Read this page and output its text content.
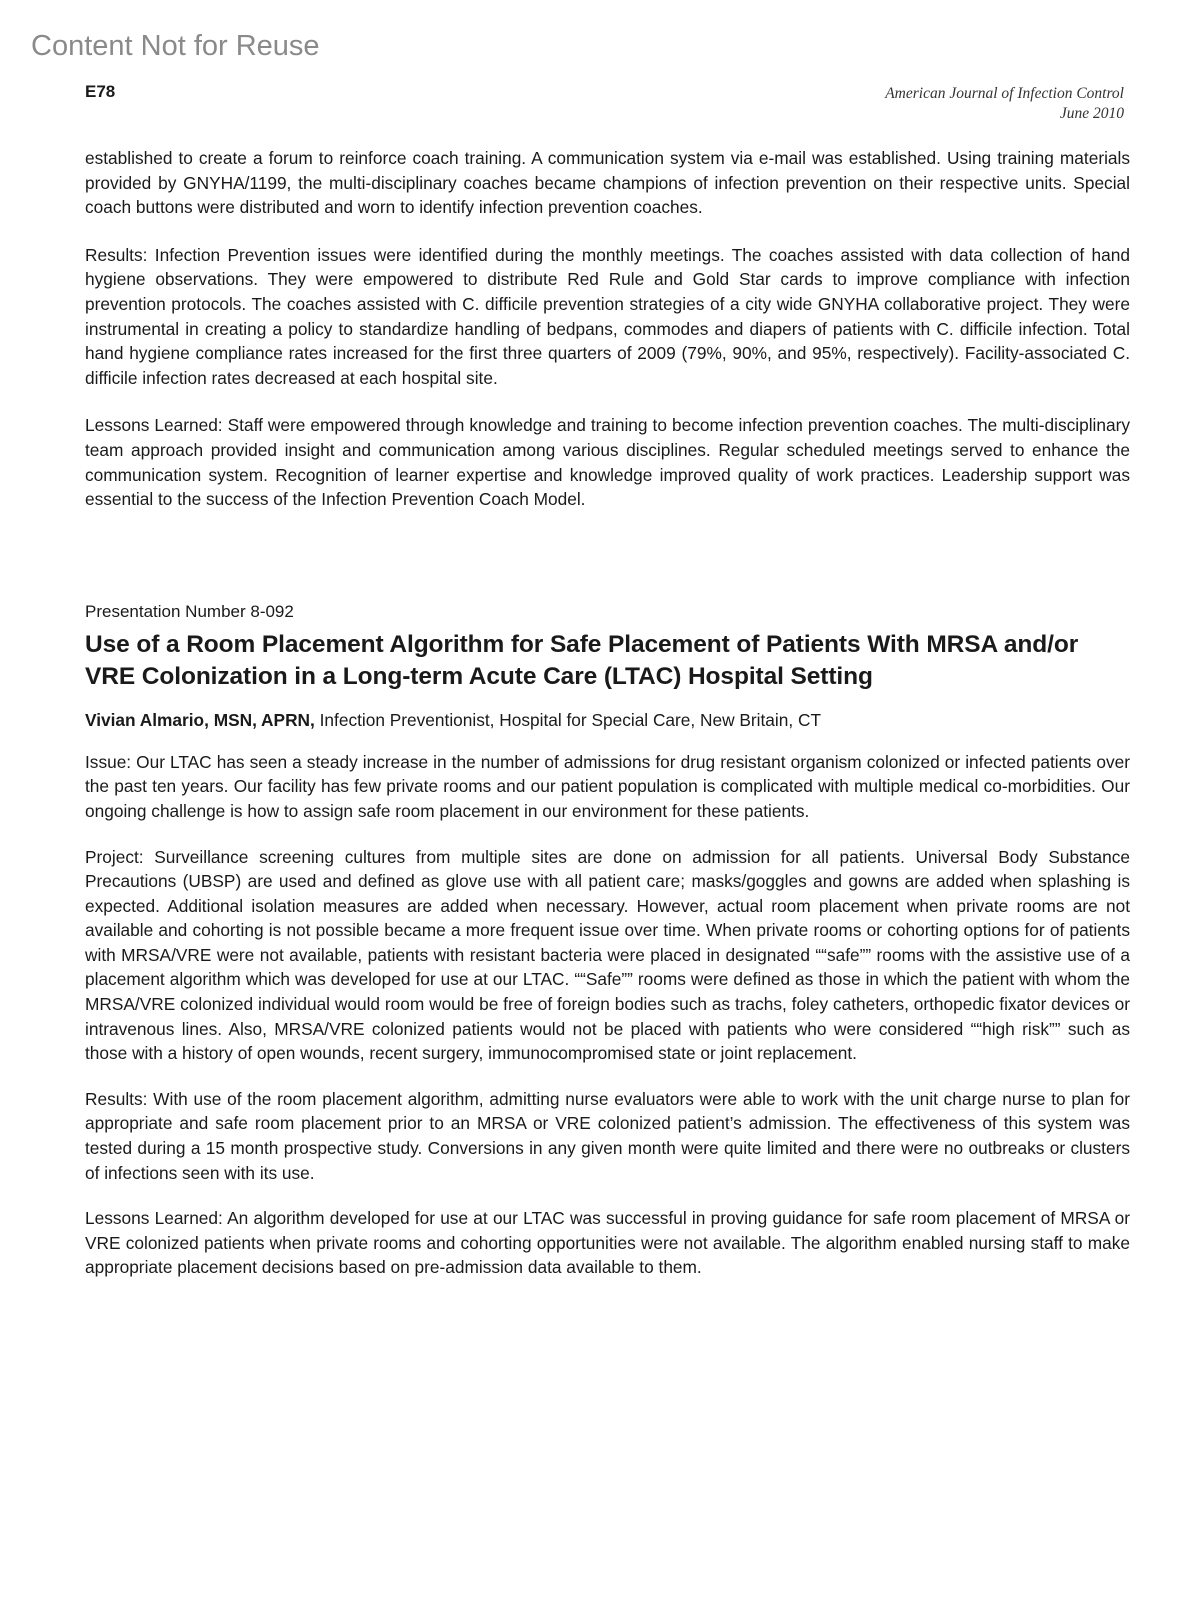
Content Not for Reuse
E78	American Journal of Infection Control
June 2010

established to create a forum to reinforce coach training. A communication system via e-mail was established. Using training materials provided by GNYHA/1199, the multi-disciplinary coaches became champions of infection prevention on their respective units. Special coach buttons were distributed and worn to identify infection prevention coaches.

Results: Infection Prevention issues were identified during the monthly meetings. The coaches assisted with data collection of hand hygiene observations. They were empowered to distribute Red Rule and Gold Star cards to improve compliance with infection prevention protocols. The coaches assisted with C. difficile prevention strategies of a city wide GNYHA collaborative project. They were instrumental in creating a policy to standardize handling of bedpans, commodes and diapers of patients with C. difficile infection. Total hand hygiene compliance rates increased for the first three quarters of 2009 (79%, 90%, and 95%, respectively). Facility-associated C. difficile infection rates decreased at each hospital site.

Lessons Learned: Staff were empowered through knowledge and training to become infection prevention coaches. The multi-disciplinary team approach provided insight and communication among various disciplines. Regular scheduled meetings served to enhance the communication system. Recognition of learner expertise and knowledge improved quality of work practices. Leadership support was essential to the success of the Infection Prevention Coach Model.

Presentation Number 8-092
Use of a Room Placement Algorithm for Safe Placement of Patients With MRSA and/or VRE Colonization in a Long-term Acute Care (LTAC) Hospital Setting
Vivian Almario, MSN, APRN, Infection Preventionist, Hospital for Special Care, New Britain, CT

Issue: Our LTAC has seen a steady increase in the number of admissions for drug resistant organism colonized or infected patients over the past ten years. Our facility has few private rooms and our patient population is complicated with multiple medical co-morbidities. Our ongoing challenge is how to assign safe room placement in our environment for these patients.

Project: Surveillance screening cultures from multiple sites are done on admission for all patients. Universal Body Substance Precautions (UBSP) are used and defined as glove use with all patient care; masks/goggles and gowns are added when splashing is expected. Additional isolation measures are added when necessary. However, actual room placement when private rooms are not available and cohorting is not possible became a more frequent issue over time. When private rooms or cohorting options for of patients with MRSA/VRE were not available, patients with resistant bacteria were placed in designated ““safe”” rooms with the assistive use of a placement algorithm which was developed for use at our LTAC. ““Safe”” rooms were defined as those in which the patient with whom the MRSA/VRE colonized individual would room would be free of foreign bodies such as trachs, foley catheters, orthopedic fixator devices or intravenous lines. Also, MRSA/VRE colonized patients would not be placed with patients who were considered ““high risk”” such as those with a history of open wounds, recent surgery, immunocompromised state or joint replacement.

Results: With use of the room placement algorithm, admitting nurse evaluators were able to work with the unit charge nurse to plan for appropriate and safe room placement prior to an MRSA or VRE colonized patient’s admission. The effectiveness of this system was tested during a 15 month prospective study. Conversions in any given month were quite limited and there were no outbreaks or clusters of infections seen with its use.

Lessons Learned: An algorithm developed for use at our LTAC was successful in proving guidance for safe room placement of MRSA or VRE colonized patients when private rooms and cohorting opportunities were not available. The algorithm enabled nursing staff to make appropriate placement decisions based on pre-admission data available to them.
